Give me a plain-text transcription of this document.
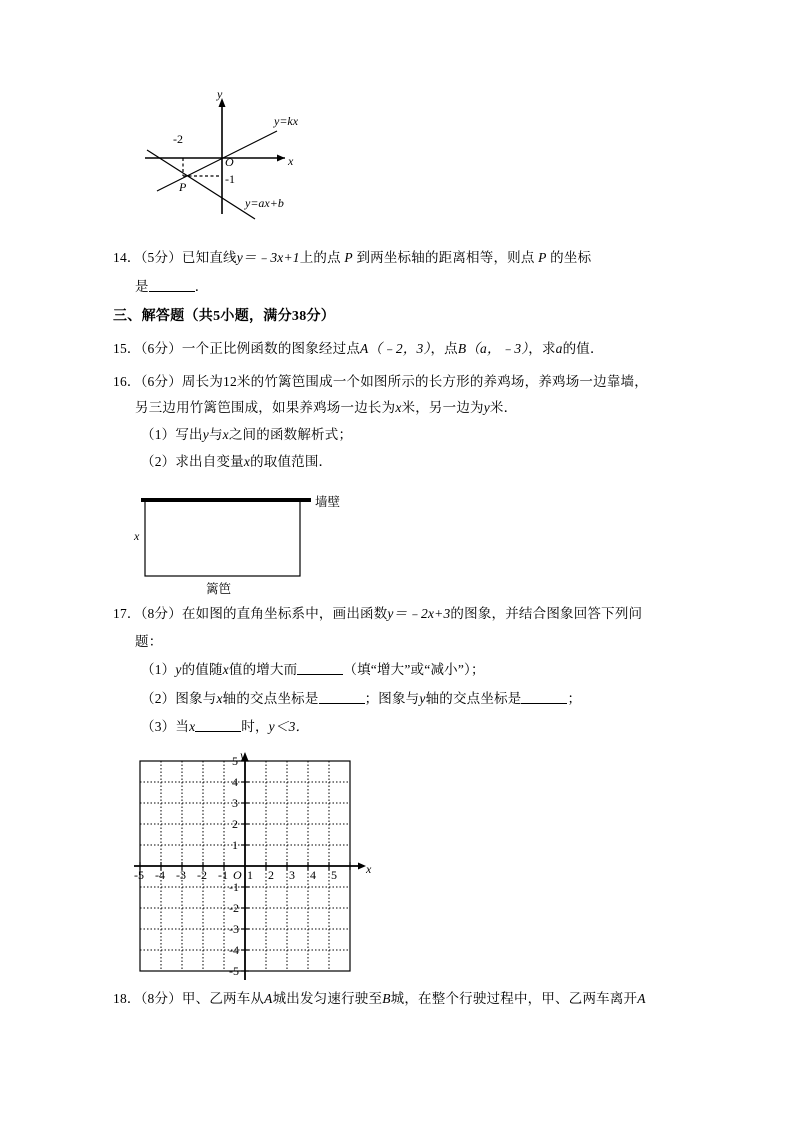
y
x
O
-2
-1
P
y=kx
y=ax+b
14．（5分）已知直线y＝﹣3x+1上的点 P 到两坐标轴的距离相等，则点 P 的坐标
是	．
三、解答题（共5小题，满分38分）
15．（6分）一个正比例函数的图象经过点A（﹣2，3），点B（a，﹣3），求a的值．
16．（6分）周长为12米的竹篱笆围成一个如图所示的长方形的养鸡场，养鸡场一边靠墙，
另三边用竹篱笆围成，如果养鸡场一边长为x米，另一边为y米．
（1）写出y与x之间的函数解析式；
（2）求出自变量x的取值范围．
墙壁
x
篱笆
17．（8分）在如图的直角坐标系中，画出函数y＝﹣2x+3的图象，并结合图象回答下列问
题：
（1）y的值随x值的增大而	（填“增大”或“减小”）；
（2）图象与x轴的交点坐标是	；图象与y轴的交点坐标是	；
（3）当x	时，y＜3．
y
x
O
-5 -4 -3 -2 -1 1 2 3 4 5
5
4
3
2
1
-1
-2
-3
-4
-5
18．（8分）甲、乙两车从A城出发匀速行驶至B城，在整个行驶过程中，甲、乙两车离开A
